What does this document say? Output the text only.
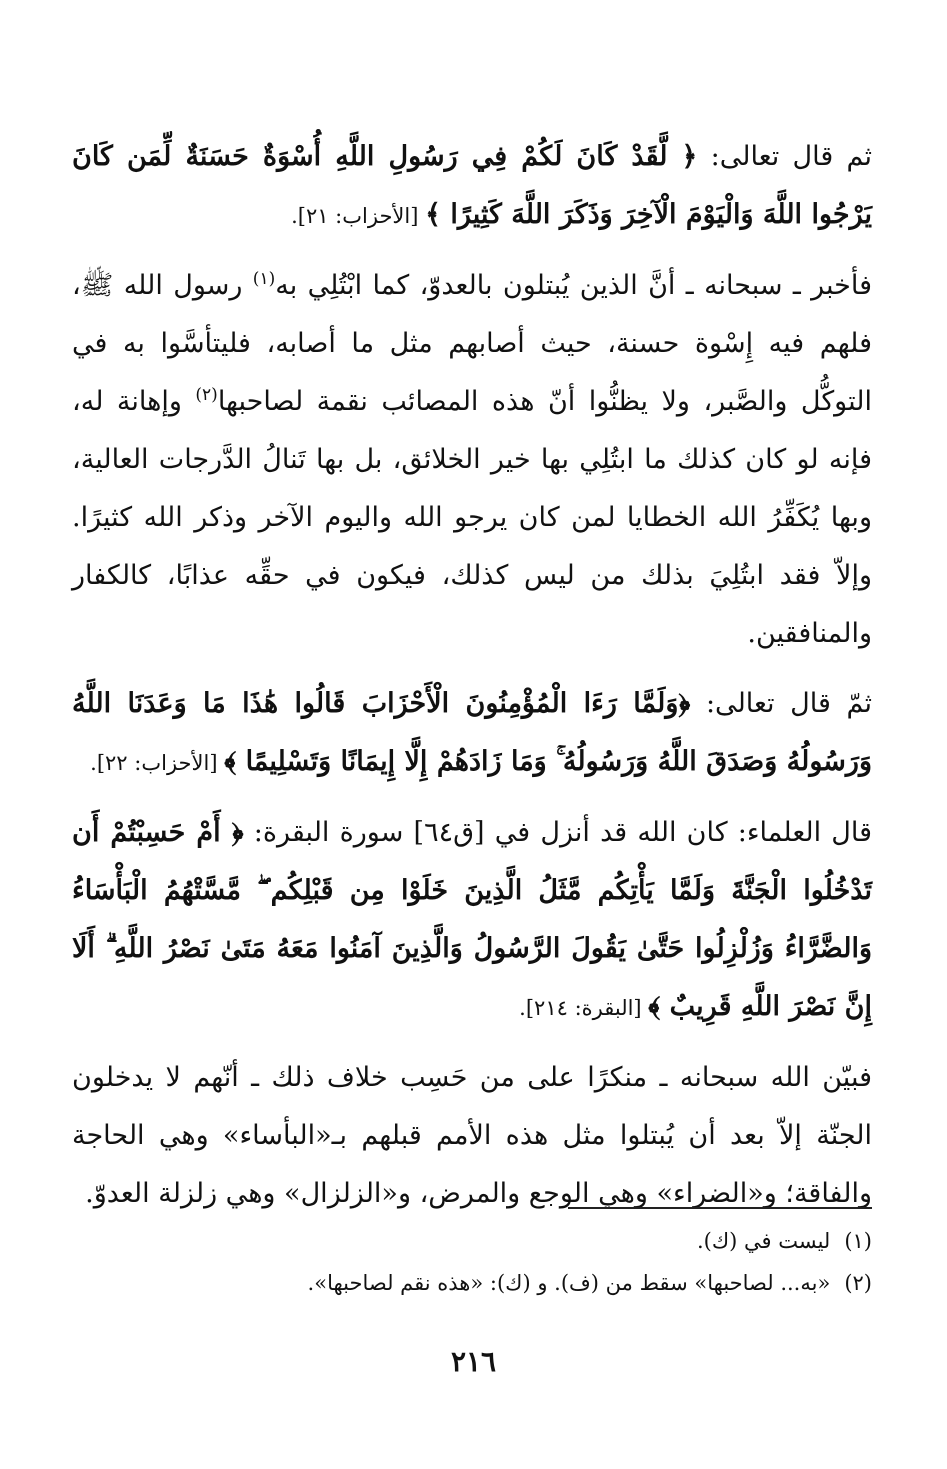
ثم قال تعالى: ﴿ لَّقَدْ كَانَ لَكُمْ فِي رَسُولِ اللَّهِ أُسْوَةٌ حَسَنَةٌ لِّمَن كَانَ يَرْجُوا اللَّهَ وَالْيَوْمَ الْآخِرَ وَذَكَرَ اللَّهَ كَثِيرًا ﴾ [الأحزاب: ٢١].

فأخبر ـ سبحانه ـ أنَّ الذين يُبتلون بالعدوّ، كما ابْتُلِي به$^{(١)}$ رسول الله ﷺ، فلهم فيه إِسْوة حسنة، حيث أصابهم مثل ما أصابه، فليتأسَّوا به في التوكُّل والصَّبر، ولا يظنُّوا أنّ هذه المصائب نقمة لصاحبها$^{(٢)}$ وإهانة له، فإنه لو كان كذلك ما ابتُلِي بها خير الخلائق، بل بها تَنالُ الدَّرجات العالية، وبها يُكَفِّرُ الله الخطايا لمن كان يرجو الله واليوم الآخر وذكر الله كثيرًا. وإلاّ فقد ابتُلِيَ بذلك من ليس كذلك، فيكون في حقِّه عذابًا، كالكفار والمنافقين.

ثمّ قال تعالى: ﴿وَلَمَّا رَءَا الْمُؤْمِنُونَ الْأَحْزَابَ قَالُوا هَٰذَا مَا وَعَدَنَا اللَّهُ وَرَسُولُهُ وَصَدَقَ اللَّهُ وَرَسُولُهُ ۚ وَمَا زَادَهُمْ إِلَّا إِيمَانًا وَتَسْلِيمًا ﴾ [الأحزاب: ٢٢].

قال العلماء: كان الله قد أنزل في [ق٦٤] سورة البقرة: ﴿ أَمْ حَسِبْتُمْ أَن تَدْخُلُوا الْجَنَّةَ وَلَمَّا يَأْتِكُم مَّثَلُ الَّذِينَ خَلَوْا مِن قَبْلِكُم ۖ مَّسَّتْهُمُ الْبَأْسَاءُ وَالضَّرَّاءُ وَزُلْزِلُوا حَتَّىٰ يَقُولَ الرَّسُولُ وَالَّذِينَ آمَنُوا مَعَهُ مَتَىٰ نَصْرُ اللَّهِ ۗ أَلَا إِنَّ نَصْرَ اللَّهِ قَرِيبٌ ﴾ [البقرة: ٢١٤].

فبيّن الله سبحانه ـ منكرًا على من حَسِب خلاف ذلك ـ أنّهم لا يدخلون الجنّة إلاّ بعد أن يُبتلوا مثل هذه الأمم قبلهم بـ«البأساء» وهي الحاجة والفاقة؛ و«الضراء» وهي الوجع والمرض، و«الزلزال» وهي زلزلة العدوّ.

(١)ليست في (ك).
(٢)«به... لصاحبها» سقط من (ف). و (ك): «هذه نقم لصاحبها».
٢١٦
